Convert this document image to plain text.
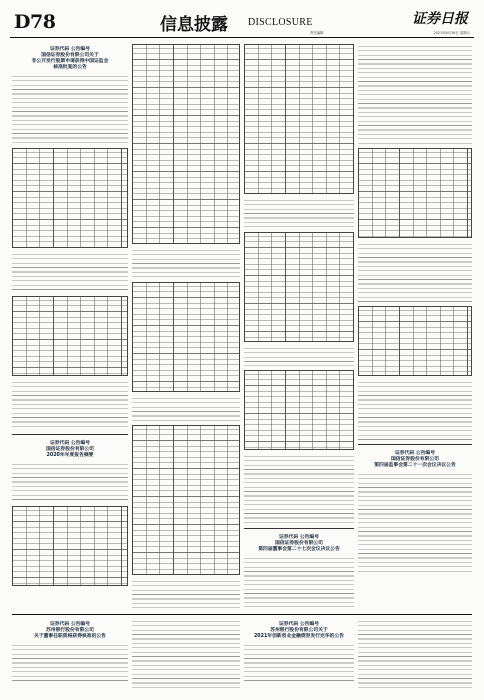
D78	信息披露 DISCLOSURE	证券日报
责任编辑	2021年6月26日 星期六
证券代码 公告编号
国信证券股份有限公司关于
非公开发行股票申请获得中国证监会
核准批复的公告
证券代码 公告编号
国信证券股份有限公司
2020年年度报告摘要
证券代码 公告编号
国信证券股份有限公司
第四届董事会第二十七次会议决议公告
证券代码 公告编号
国信证券股份有限公司
第四届监事会第二十一次会议决议公告
证券代码 公告编号
苏州银行股份有限公司
关于董事任职资格获得核准的公告
证券代码 公告编号
苏州银行股份有限公司关于
2021年创新创业金融债券发行完毕的公告
